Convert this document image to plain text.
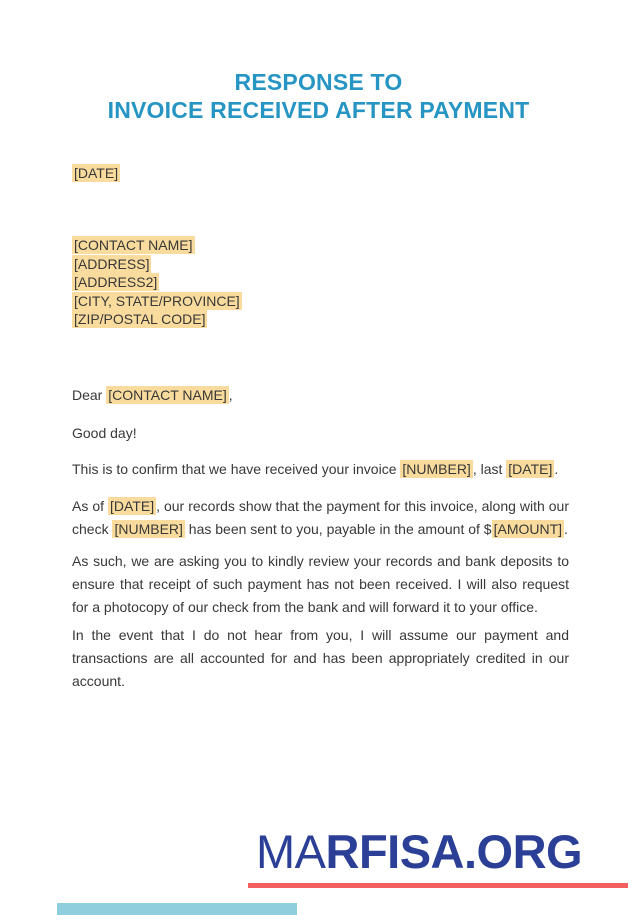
RESPONSE TO
INVOICE RECEIVED AFTER PAYMENT
[DATE]
[CONTACT NAME]
[ADDRESS]
[ADDRESS2]
[CITY, STATE/PROVINCE]
[ZIP/POSTAL CODE]
Dear [CONTACT NAME] ,
Good day!
This is to confirm that we have received your invoice [NUMBER] , last [DATE] .
As of [DATE] , our records show that the payment for this invoice, along with our check [NUMBER] has been sent to you, payable in the amount of $ [AMOUNT] .
As such, we are asking you to kindly review your records and bank deposits to ensure that receipt of such payment has not been received. I will also request for a photocopy of our check from the bank and will forward it to your office.
In the event that I do not hear from you, I will assume our payment and transactions are all accounted for and has been appropriately credited in our account.
MARFISA.ORG
